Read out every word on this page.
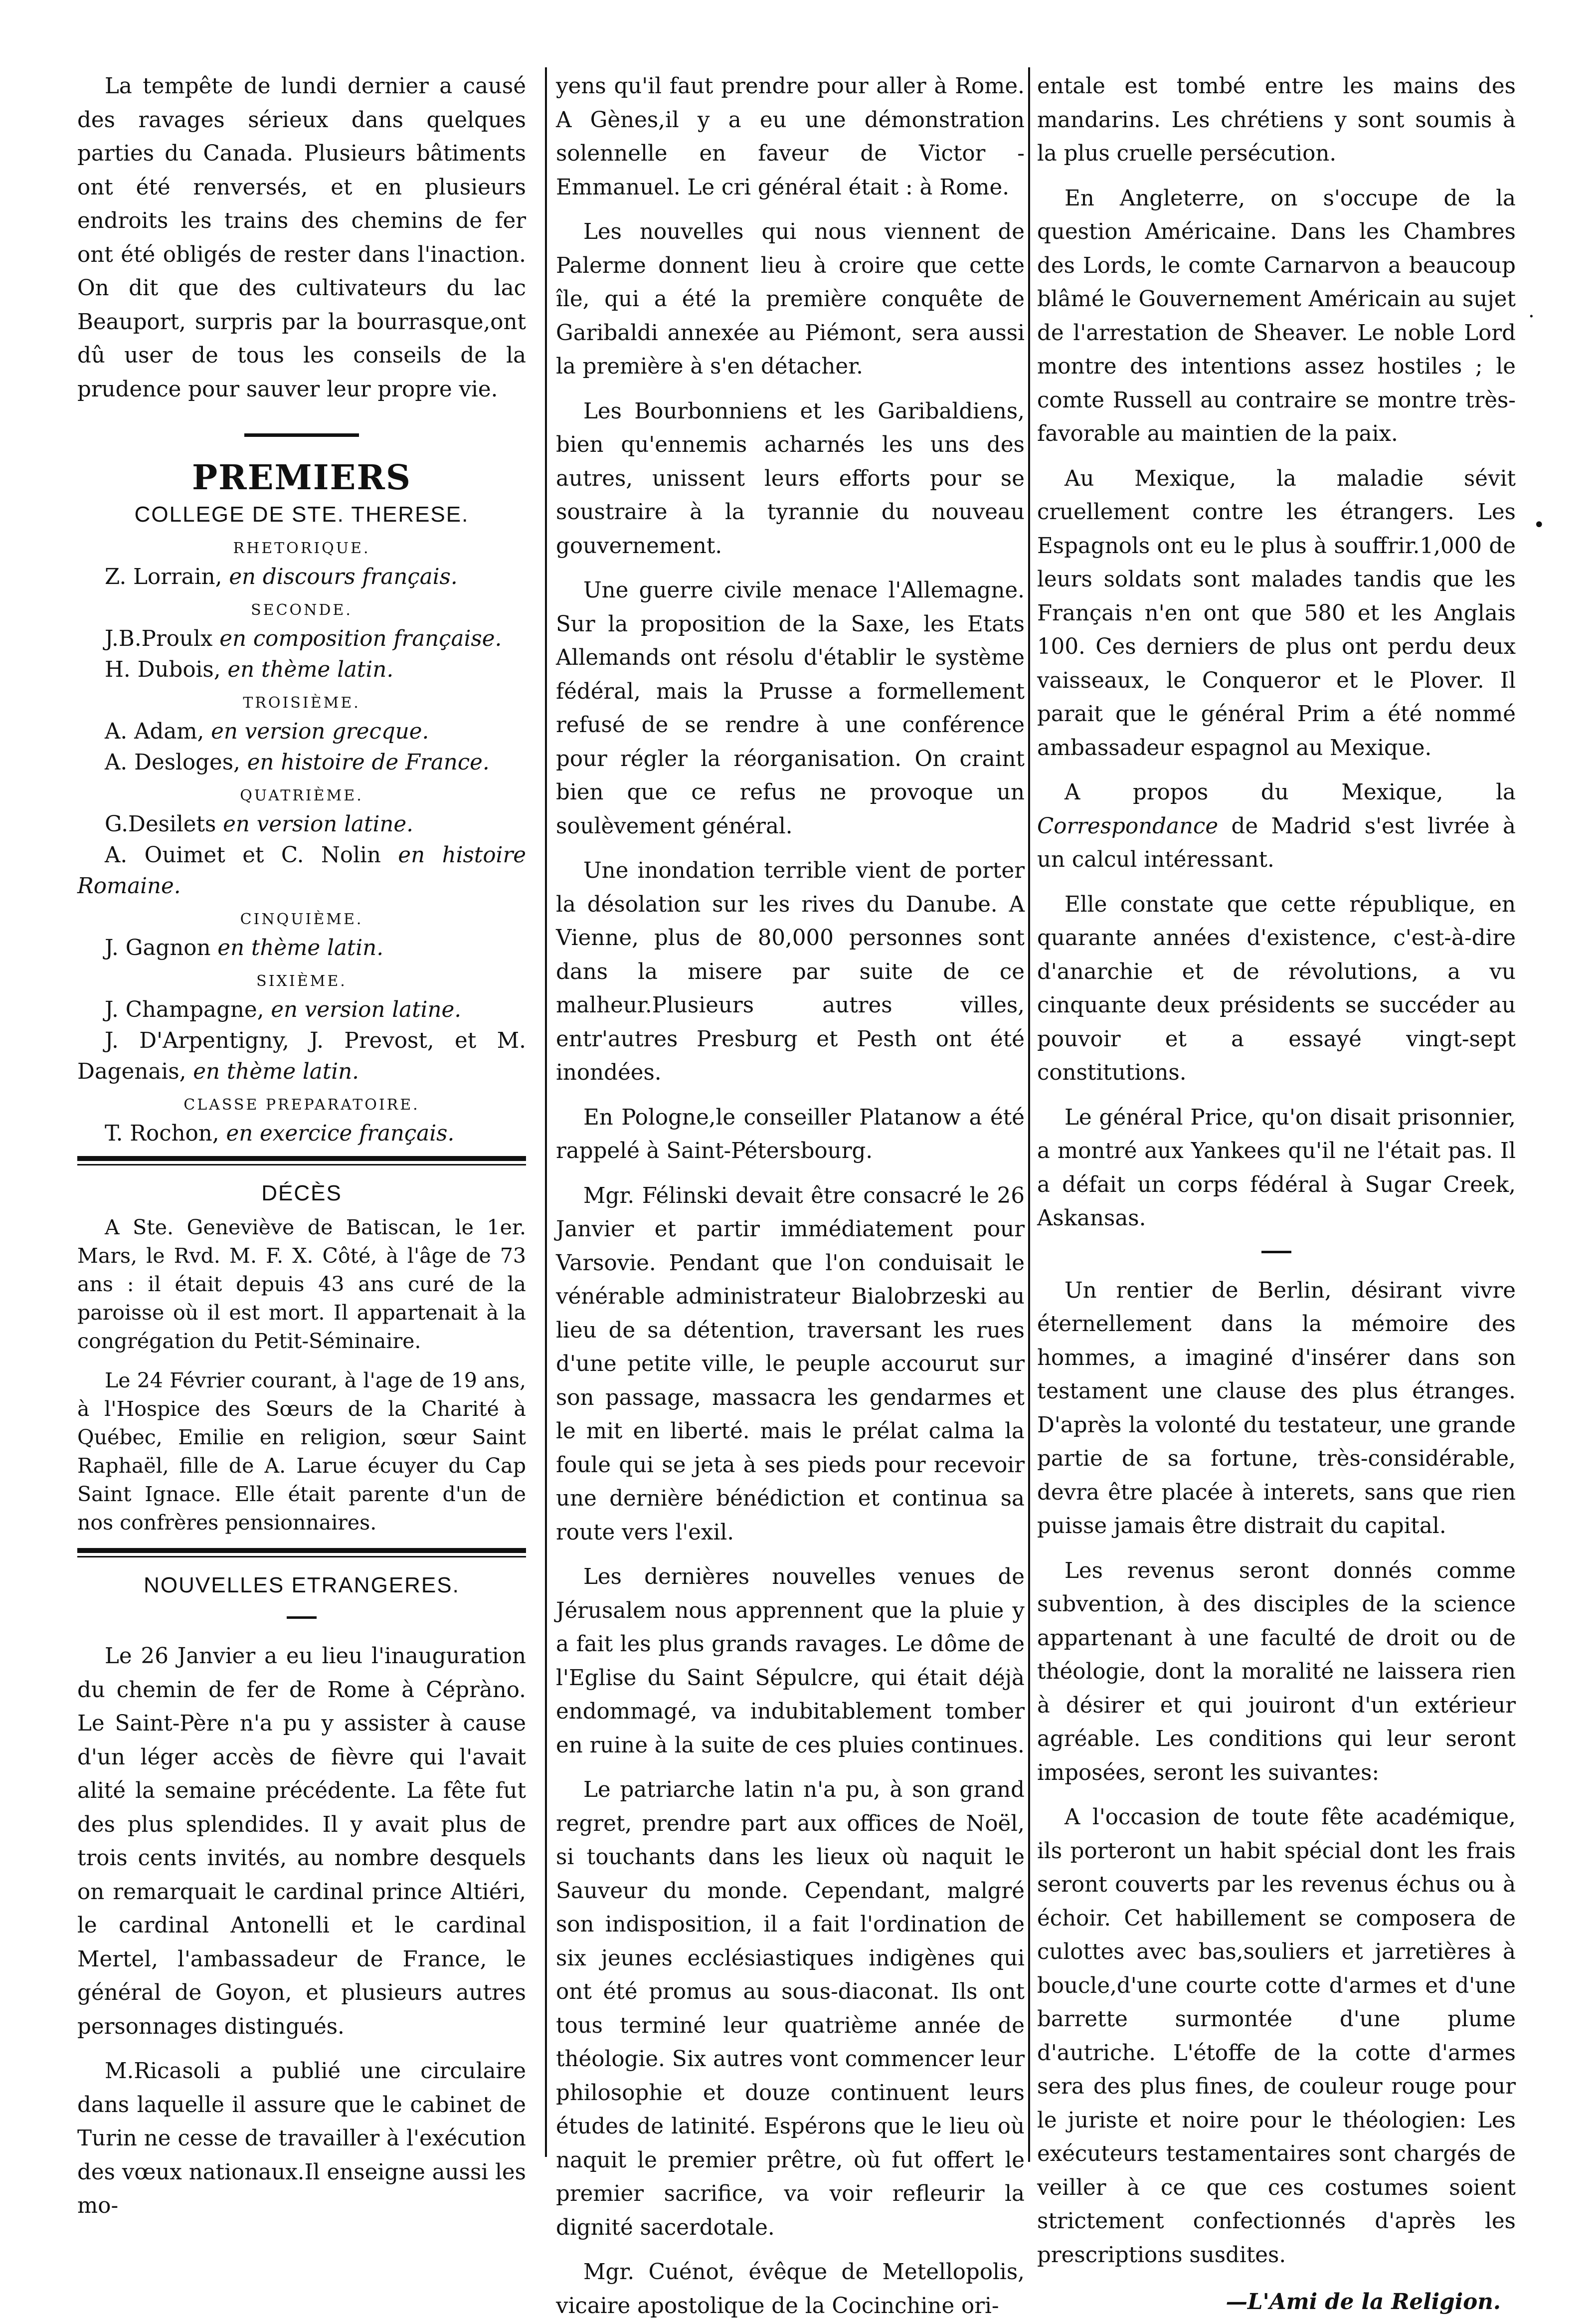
La tempête de lundi dernier a causé des ravages sérieux dans quelques parties du Canada. Plusieurs bâtiments ont été renversés, et en plusieurs endroits les trains des chemins de fer ont été obligés de rester dans l'inaction. On dit que des cultivateurs du lac Beauport, surpris par la bourrasque,ont dû user de tous les conseils de la prudence pour sauver leur propre vie.

PREMIERS
COLLEGE DE STE. THERESE.
RHETORIQUE.

Z. Lorrain, en discours français.

SECONDE.

J.B.Proulx en composition française.

H. Dubois, en thème latin.

TROISIÈME.

A. Adam, en version grecque.

A. Desloges, en histoire de France.

QUATRIÈME.

G.Desilets en version latine.

A. Ouimet et C. Nolin en histoire Romaine.

CINQUIÈME.

J. Gagnon en thème latin.

SIXIÈME.

J. Champagne, en version latine.

J. D'Arpentigny, J. Prevost, et M. Dagenais, en thème latin.

CLASSE PREPARATOIRE.

T. Rochon, en exercice français.

DÉCÈS

A Ste. Geneviève de Batiscan, le 1er. Mars, le Rvd. M. F. X. Côté, à l'âge de 73 ans : il était depuis 43 ans curé de la paroisse où il est mort. Il appartenait à la congrégation du Petit-Séminaire.

Le 24 Février courant, à l'age de 19 ans, à l'Hospice des Sœurs de la Charité à Québec, Emilie en religion, sœur Saint Raphaël, fille de A. Larue écuyer du Cap Saint Ignace. Elle était parente d'un de nos confrères pensionnaires.

NOUVELLES ETRANGERES.

Le 26 Janvier a eu lieu l'inauguration du chemin de fer de Rome à Cépràno. Le Saint-Père n'a pu y assister à cause d'un léger accès de fièvre qui l'avait alité la semaine précédente. La fête fut des plus splendides. Il y avait plus de trois cents invités, au nombre desquels on remarquait le cardinal prince Altiéri, le cardinal Antonelli et le cardinal Mertel, l'ambassadeur de France, le général de Goyon, et plusieurs autres personnages distingués.

M.Ricasoli a publié une circulaire dans laquelle il assure que le cabinet de Turin ne cesse de travailler à l'exécution des vœux nationaux.Il enseigne aussi les mo-

yens qu'il faut prendre pour aller à Rome. A Gènes,il y a eu une démonstration solennelle en faveur de Victor - Emmanuel. Le cri général était : à Rome.

Les nouvelles qui nous viennent de Palerme donnent lieu à croire que cette île, qui a été la première conquête de Garibaldi annexée au Piémont, sera aussi la première à s'en détacher.

Les Bourbonniens et les Garibaldiens, bien qu'ennemis acharnés les uns des autres, unissent leurs efforts pour se soustraire à la tyrannie du nouveau gouvernement.

Une guerre civile menace l'Allemagne. Sur la proposition de la Saxe, les Etats Allemands ont résolu d'établir le système fédéral, mais la Prusse a formellement refusé de se rendre à une conférence pour régler la réorganisation. On craint bien que ce refus ne provoque un soulèvement général.

Une inondation terrible vient de porter la désolation sur les rives du Danube. A Vienne, plus de 80,000 personnes sont dans la misere par suite de ce malheur.Plusieurs autres villes, entr'autres Presburg et Pesth ont été inondées.

En Pologne,le conseiller Platanow a été rappelé à Saint-Pétersbourg.

Mgr. Félinski devait être consacré le 26 Janvier et partir immédiatement pour Varsovie. Pendant que l'on conduisait le vénérable administrateur Bialobrzeski au lieu de sa détention, traversant les rues d'une petite ville, le peuple accourut sur son passage, massacra les gendarmes et le mit en liberté. mais le prélat calma la foule qui se jeta à ses pieds pour recevoir une dernière bénédiction et continua sa route vers l'exil.

Les dernières nouvelles venues de Jérusalem nous apprennent que la pluie y a fait les plus grands ravages. Le dôme de l'Eglise du Saint Sépulcre, qui était déjà endommagé, va indubitablement tomber en ruine à la suite de ces pluies continues.

Le patriarche latin n'a pu, à son grand regret, prendre part aux offices de Noël, si touchants dans les lieux où naquit le Sauveur du monde. Cependant, malgré son indisposition, il a fait l'ordination de six jeunes ecclésiastiques indigènes qui ont été promus au sous-diaconat. Ils ont tous terminé leur quatrième année de théologie. Six autres vont commencer leur philosophie et douze continuent leurs études de latinité. Espérons que le lieu où naquit le premier prêtre, où fut offert le premier sacrifice, va voir refleurir la dignité sacerdotale.

Mgr. Cuénot, évêque de Metellopolis, vicaire apostolique de la Cocinchine ori-

entale est tombé entre les mains des mandarins. Les chrétiens y sont soumis à la plus cruelle persécution.

En Angleterre, on s'occupe de la question Américaine. Dans les Chambres des Lords, le comte Carnarvon a beaucoup blâmé le Gouvernement Américain au sujet de l'arrestation de Sheaver. Le noble Lord montre des intentions assez hostiles ; le comte Russell au contraire se montre très-favorable au maintien de la paix.

Au Mexique, la maladie sévit cruellement contre les étrangers. Les Espagnols ont eu le plus à souffrir.1,000 de leurs soldats sont malades tandis que les Français n'en ont que 580 et les Anglais 100. Ces derniers de plus ont perdu deux vaisseaux, le Conqueror et le Plover. Il parait que le général Prim a été nommé ambassadeur espagnol au Mexique.

A propos du Mexique, la Correspondance de Madrid s'est livrée à un calcul intéressant.

Elle constate que cette république, en quarante années d'existence, c'est-à-dire d'anarchie et de révolutions, a vu cinquante deux présidents se succéder au pouvoir et a essayé vingt-sept constitutions.

Le général Price, qu'on disait prisonnier, a montré aux Yankees qu'il ne l'était pas. Il a défait un corps fédéral à Sugar Creek, Askansas.

Un rentier de Berlin, désirant vivre éternellement dans la mémoire des hommes, a imaginé d'insérer dans son testament une clause des plus étranges. D'après la volonté du testateur, une grande partie de sa fortune, très-considérable, devra être placée à interets, sans que rien puisse jamais être distrait du capital.

Les revenus seront donnés comme subvention, à des disciples de la science appartenant à une faculté de droit ou de théologie, dont la moralité ne laissera rien à désirer et qui jouiront d'un extérieur agréable. Les conditions qui leur seront imposées, seront les suivantes:

A l'occasion de toute fête académique, ils porteront un habit spécial dont les frais seront couverts par les revenus échus ou à échoir. Cet habillement se composera de culottes avec bas,souliers et jarretières à boucle,d'une courte cotte d'armes et d'une barrette surmontée d'une plume d'autriche. L'étoffe de la cotte d'armes sera des plus fines, de couleur rouge pour le juriste et noire pour le théologien: Les exécuteurs testamentaires sont chargés de veiller à ce que ces costumes soient strictement confectionnés d'après les prescriptions susdites.

—L'Ami de la Religion.

.
•
